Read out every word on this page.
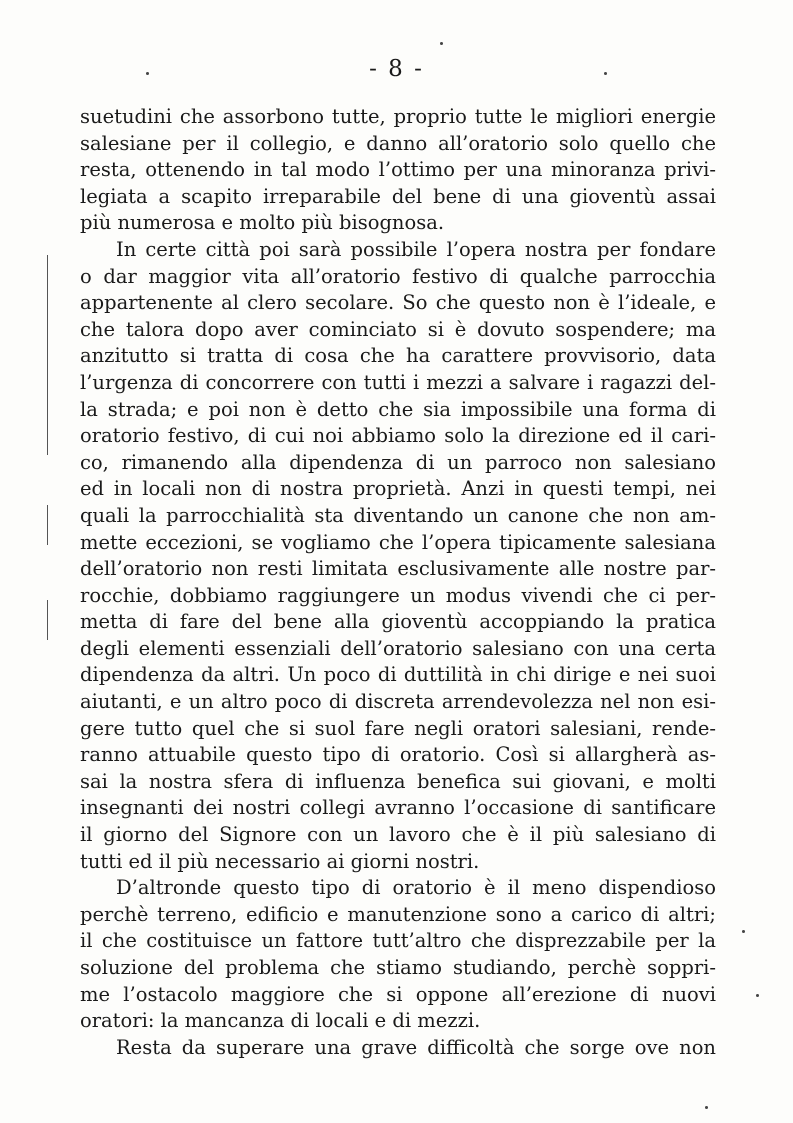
- 8 -
suetudini che assorbono tutte, proprio tutte le migliori energie
salesiane per il collegio, e danno all’oratorio solo quello che
resta, ottenendo in tal modo l’ottimo per una minoranza privi-
legiata a scapito irreparabile del bene di una gioventù assai
più numerosa e molto più bisognosa.
In certe città poi sarà possibile l’opera nostra per fondare
o dar maggior vita all’oratorio festivo di qualche parrocchia
appartenente al clero secolare. So che questo non è l’ideale, e
che talora dopo aver cominciato si è dovuto sospendere; ma
anzitutto si tratta di cosa che ha carattere provvisorio, data
l’urgenza di concorrere con tutti i mezzi a salvare i ragazzi del-
la strada; e poi non è detto che sia impossibile una forma di
oratorio festivo, di cui noi abbiamo solo la direzione ed il cari-
co, rimanendo alla dipendenza di un parroco non salesiano
ed in locali non di nostra proprietà. Anzi in questi tempi, nei
quali la parrocchialità sta diventando un canone che non am-
mette eccezioni, se vogliamo che l’opera tipicamente salesiana
dell’oratorio non resti limitata esclusivamente alle nostre par-
rocchie, dobbiamo raggiungere un modus vivendi che ci per-
metta di fare del bene alla gioventù accoppiando la pratica
degli elementi essenziali dell’oratorio salesiano con una certa
dipendenza da altri. Un poco di duttilità in chi dirige e nei suoi
aiutanti, e un altro poco di discreta arrendevolezza nel non esi-
gere tutto quel che si suol fare negli oratori salesiani, rende-
ranno attuabile questo tipo di oratorio. Così si allargherà as-
sai la nostra sfera di influenza benefica sui giovani, e molti
insegnanti dei nostri collegi avranno l’occasione di santificare
il giorno del Signore con un lavoro che è il più salesiano di
tutti ed il più necessario ai giorni nostri.
D’altronde questo tipo di oratorio è il meno dispendioso
perchè terreno, edificio e manutenzione sono a carico di altri;
il che costituisce un fattore tutt’altro che disprezzabile per la
soluzione del problema che stiamo studiando, perchè soppri-
me l’ostacolo maggiore che si oppone all’erezione di nuovi
oratori: la mancanza di locali e di mezzi.
Resta da superare una grave difficoltà che sorge ove non
